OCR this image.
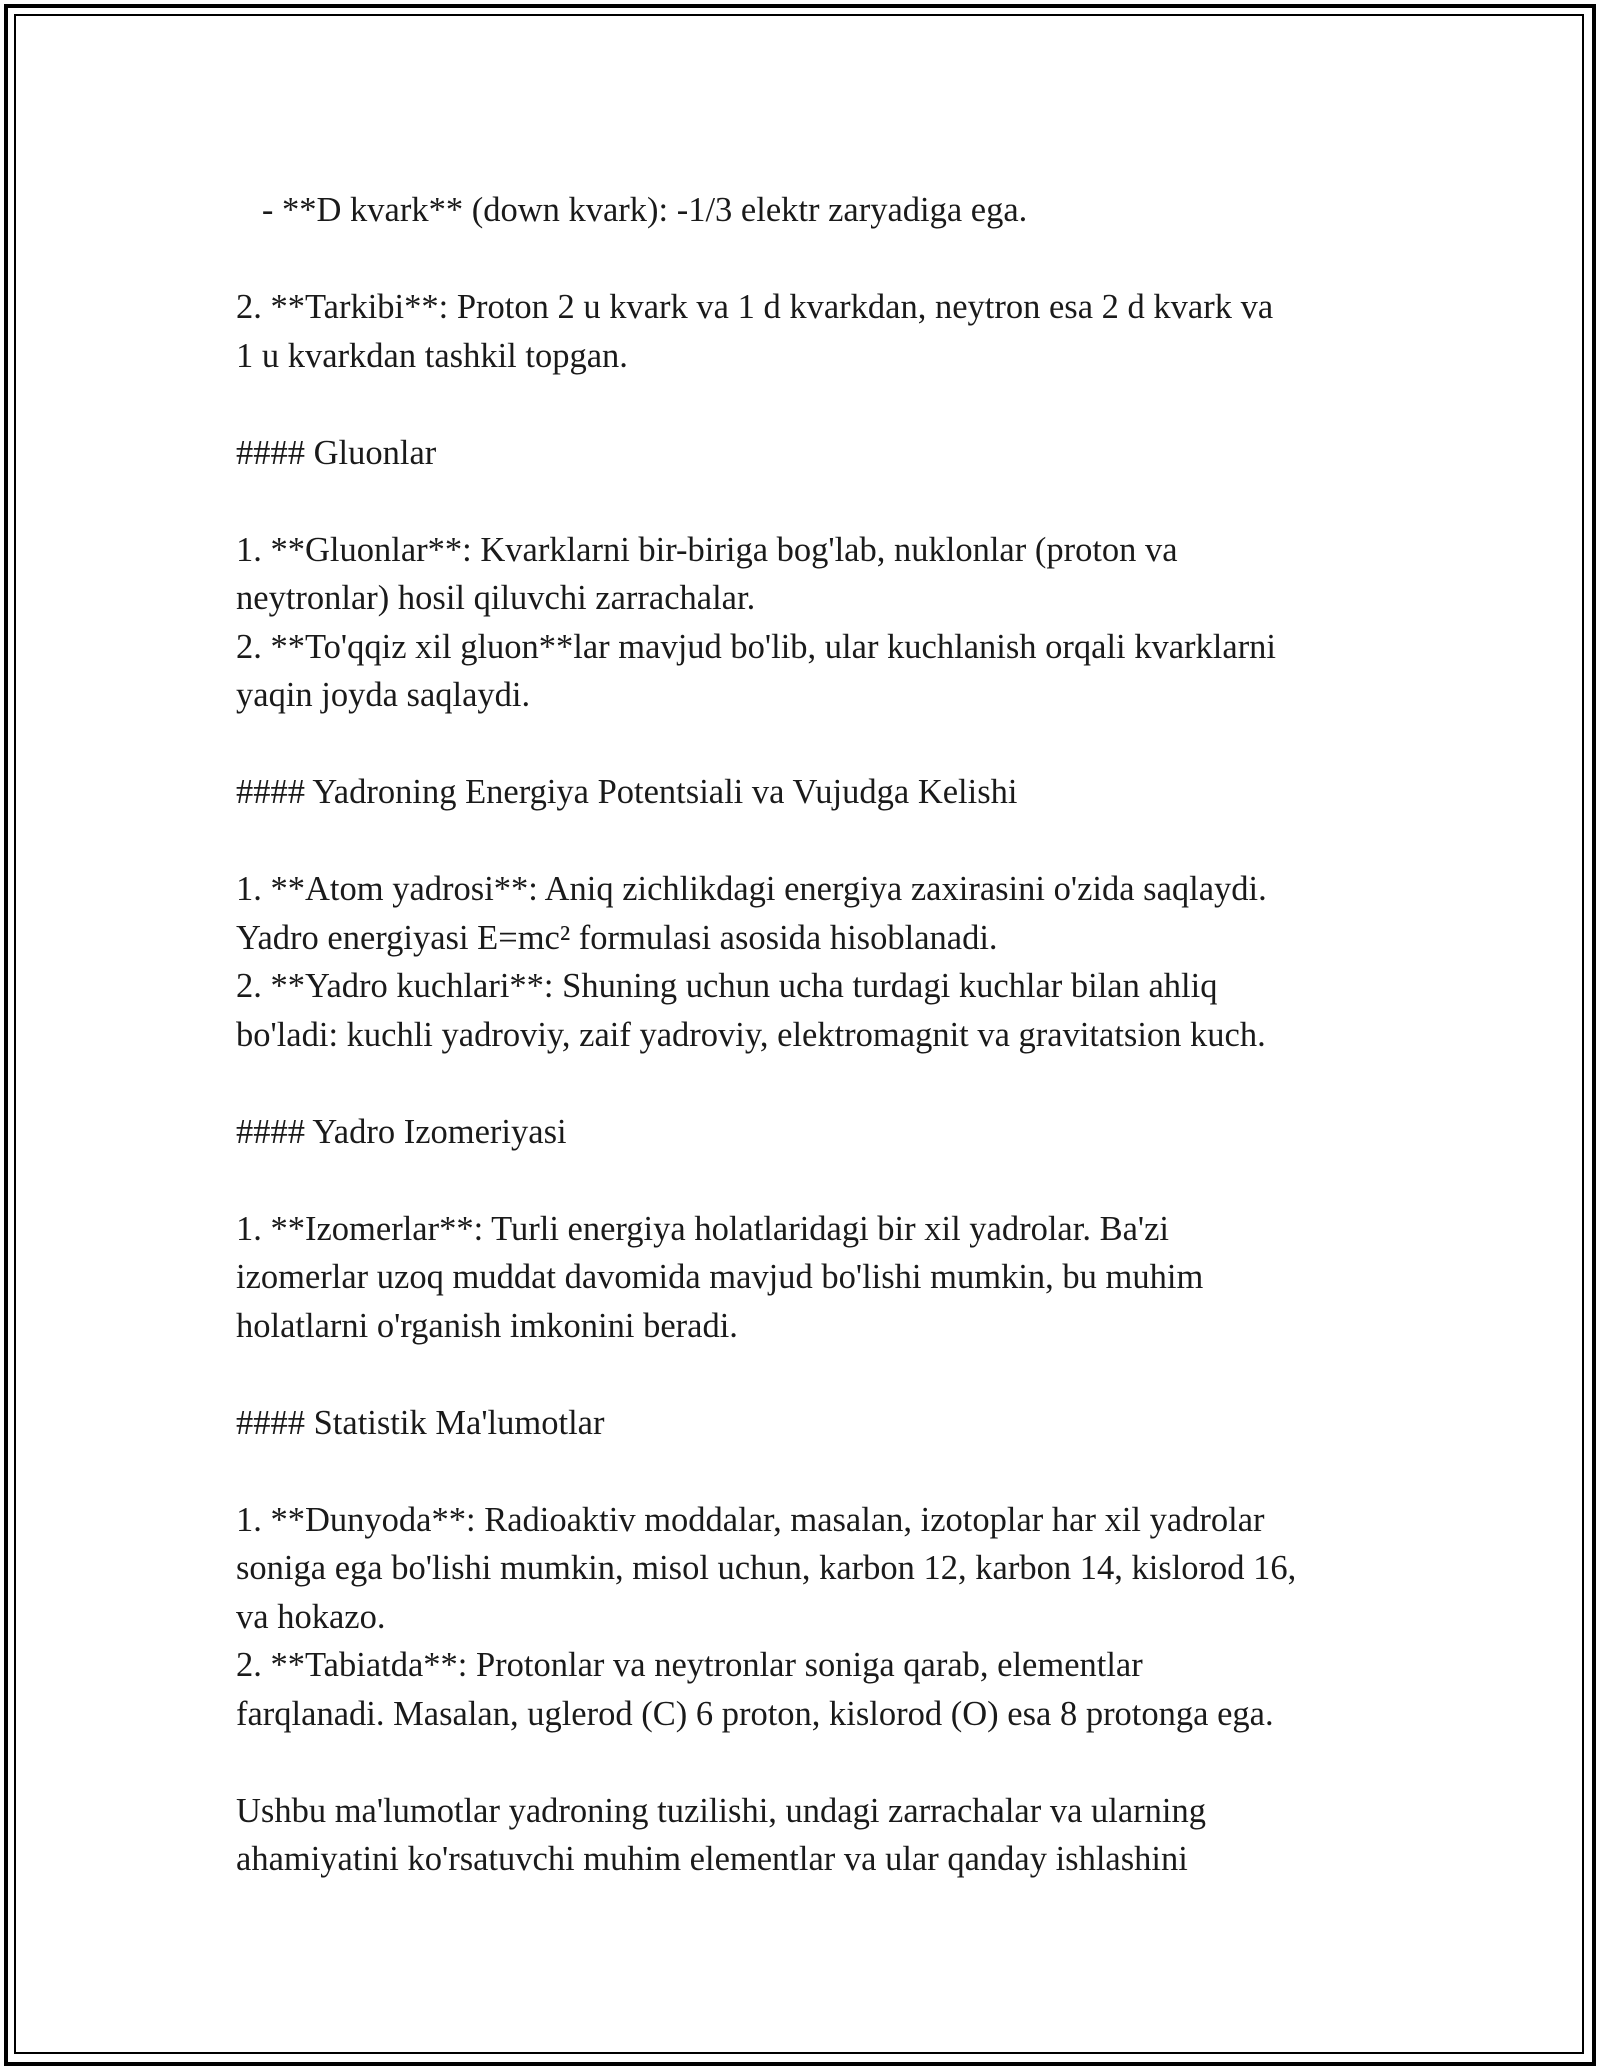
- **D kvark** (down kvark): -1/3 elektr zaryadiga ega.
2. **Tarkibi**: Proton 2 u kvark va 1 d kvarkdan, neytron esa 2 d kvark va
1 u kvarkdan tashkil topgan.
#### Gluonlar
1. **Gluonlar**: Kvarklarni bir-biriga bog'lab, nuklonlar (proton va
neytronlar) hosil qiluvchi zarrachalar.
2. **To'qqiz xil gluon**lar mavjud bo'lib, ular kuchlanish orqali kvarklarni
yaqin joyda saqlaydi.
#### Yadroning Energiya Potentsiali va Vujudga Kelishi
1. **Atom yadrosi**: Aniq zichlikdagi energiya zaxirasini o'zida saqlaydi.
Yadro energiyasi E=mc² formulasi asosida hisoblanadi.
2. **Yadro kuchlari**: Shuning uchun ucha turdagi kuchlar bilan ahliq
bo'ladi: kuchli yadroviy, zaif yadroviy, elektromagnit va gravitatsion kuch.
#### Yadro Izomeriyasi
1. **Izomerlar**: Turli energiya holatlaridagi bir xil yadrolar. Ba'zi
izomerlar uzoq muddat davomida mavjud bo'lishi mumkin, bu muhim
holatlarni o'rganish imkonini beradi.
#### Statistik Ma'lumotlar
1. **Dunyoda**: Radioaktiv moddalar, masalan, izotoplar har xil yadrolar
soniga ega bo'lishi mumkin, misol uchun, karbon 12, karbon 14, kislorod 16,
va hokazo.
2. **Tabiatda**: Protonlar va neytronlar soniga qarab, elementlar
farqlanadi. Masalan, uglerod (C) 6 proton, kislorod (O) esa 8 protonga ega.
Ushbu ma'lumotlar yadroning tuzilishi, undagi zarrachalar va ularning
ahamiyatini ko'rsatuvchi muhim elementlar va ular qanday ishlashini
